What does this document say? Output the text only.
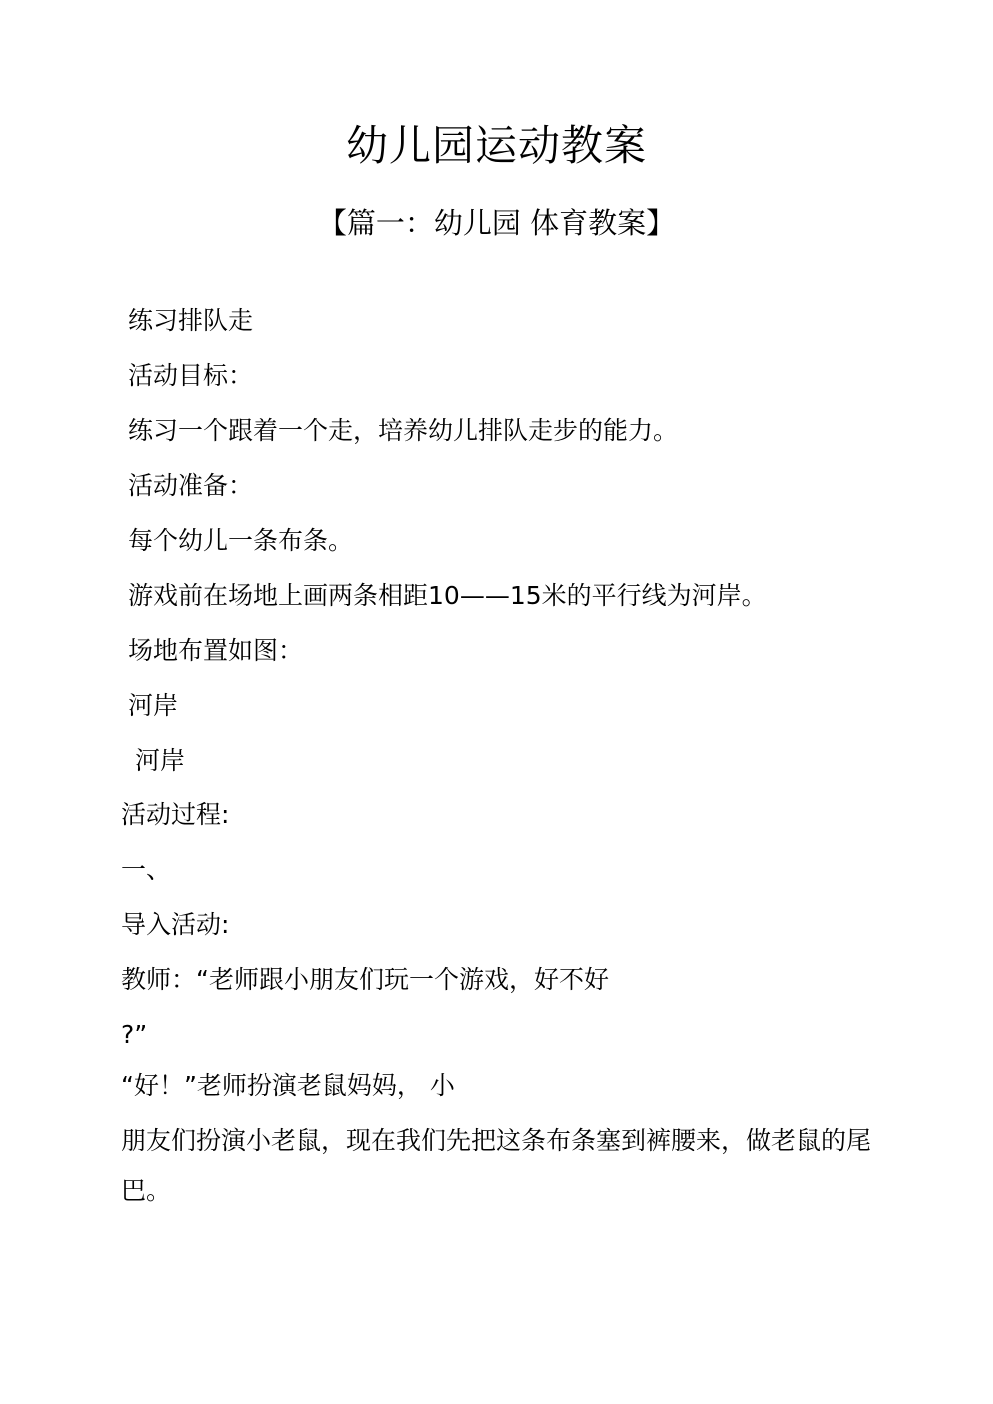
幼儿园运动教案
【篇一：幼儿园 体育教案】
练习排队走
活动目标：
练习一个跟着一个走，培养幼儿排队走步的能力。
活动准备：
每个幼儿一条布条。
游戏前在场地上画两条相距10——15米的平行线为河岸。
场地布置如图：
河岸
河岸
活动过程:
一、
导入活动:
教师：“老师跟小朋友们玩一个游戏，好不好
?”
“好！”老师扮演老鼠妈妈， 小
朋友们扮演小老鼠，现在我们先把这条布条塞到裤腰来，做老鼠的尾巴。
